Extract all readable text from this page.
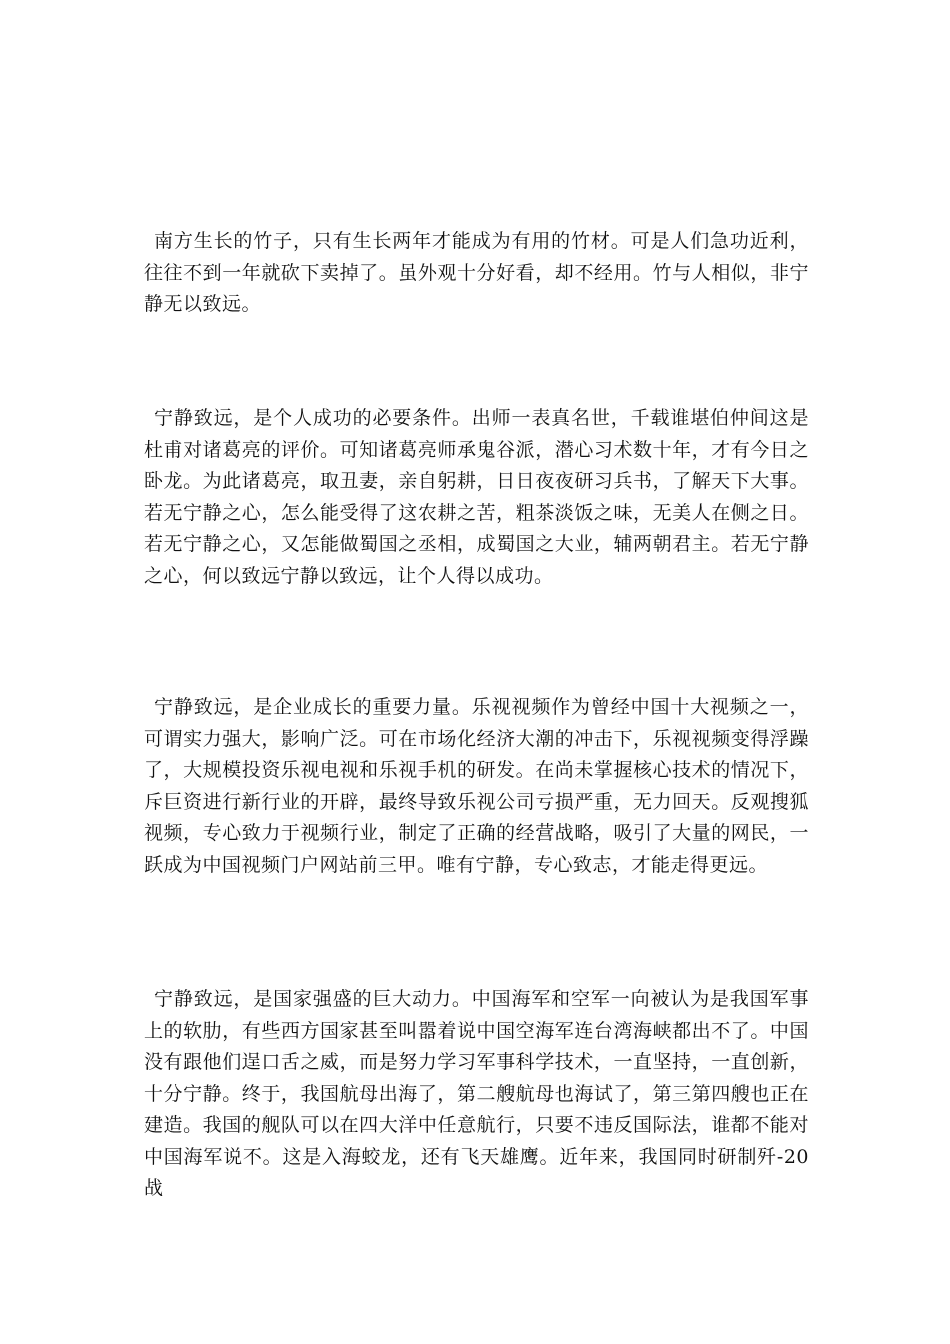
南方生长的竹子，只有生长两年才能成为有用的竹材。可是人们急功近利，往往不到一年就砍下卖掉了。虽外观十分好看，却不经用。竹与人相似，非宁静无以致远。

宁静致远，是个人成功的必要条件。出师一表真名世，千载谁堪伯仲间这是杜甫对诸葛亮的评价。可知诸葛亮师承鬼谷派，潜心习术数十年，才有今日之卧龙。为此诸葛亮，取丑妻，亲自躬耕，日日夜夜研习兵书，了解天下大事。若无宁静之心，怎么能受得了这农耕之苦，粗茶淡饭之味，无美人在侧之日。若无宁静之心，又怎能做蜀国之丞相，成蜀国之大业，辅两朝君主。若无宁静之心，何以致远宁静以致远，让个人得以成功。

宁静致远，是企业成长的重要力量。乐视视频作为曾经中国十大视频之一，可谓实力强大，影响广泛。可在市场化经济大潮的冲击下，乐视视频变得浮躁了，大规模投资乐视电视和乐视手机的研发。在尚未掌握核心技术的情况下，斥巨资进行新行业的开辟，最终导致乐视公司亏损严重，无力回天。反观搜狐视频，专心致力于视频行业，制定了正确的经营战略，吸引了大量的网民，一跃成为中国视频门户网站前三甲。唯有宁静，专心致志，才能走得更远。

宁静致远，是国家强盛的巨大动力。中国海军和空军一向被认为是我国军事上的软肋，有些西方国家甚至叫嚣着说中国空海军连台湾海峡都出不了。中国没有跟他们逞口舌之威，而是努力学习军事科学技术，一直坚持，一直创新，十分宁静。终于，我国航母出海了，第二艘航母也海试了，第三第四艘也正在建造。我国的舰队可以在四大洋中任意航行，只要不违反国际法，谁都不能对中国海军说不。这是入海蛟龙，还有飞天雄鹰。近年来，我国同时研制歼-20战
